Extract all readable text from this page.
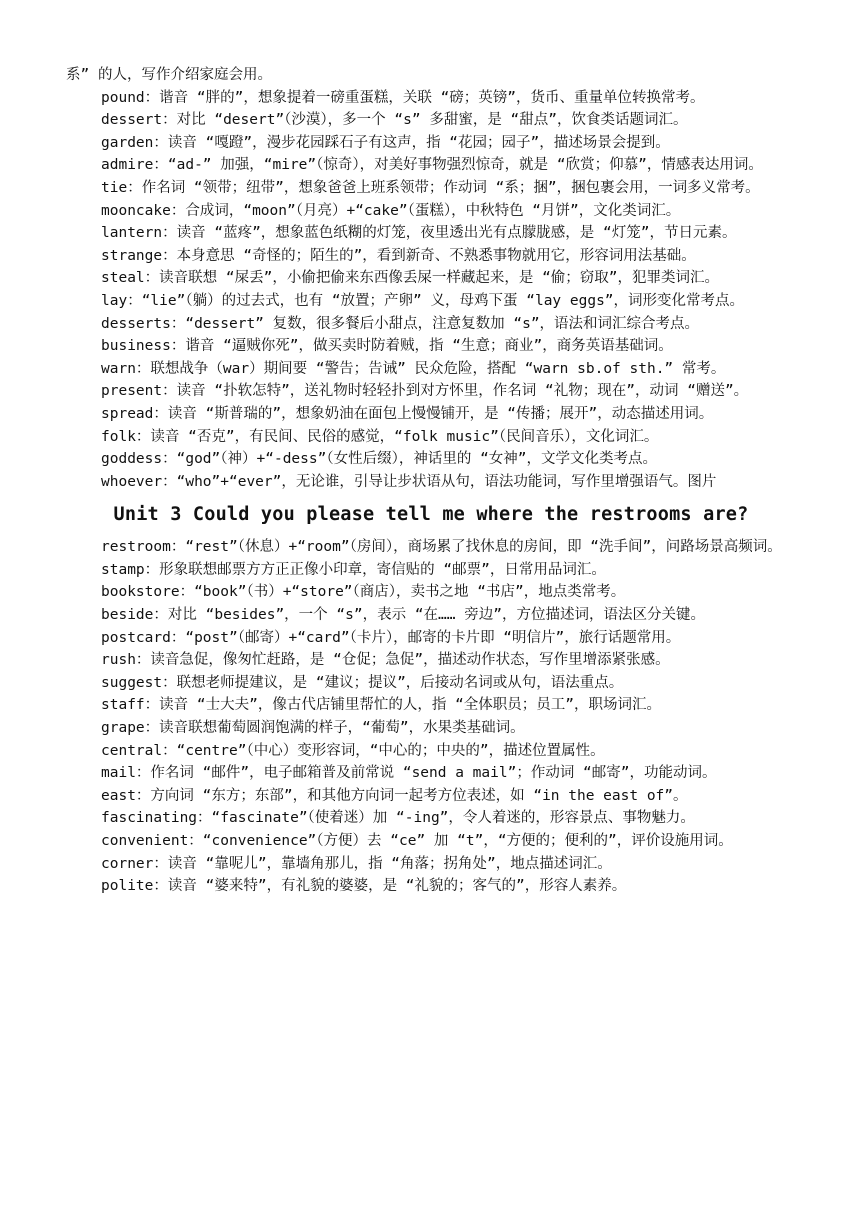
系” 的人，写作介绍家庭会用。

pound：谐音 “胖的”，想象提着一磅重蛋糕，关联 “磅；英镑”，货币、重量单位转换常考。

dessert：对比 “desert”（沙漠），多一个 “s” 多甜蜜，是 “甜点”，饮食类话题词汇。

garden：读音 “嘎蹬”，漫步花园踩石子有这声，指 “花园；园子”，描述场景会提到。

admire：“ad-” 加强，“mire”（惊奇），对美好事物强烈惊奇，就是 “欣赏；仰慕”，情感表达用词。

tie：作名词 “领带；纽带”，想象爸爸上班系领带；作动词 “系；捆”，捆包裹会用，一词多义常考。

mooncake：合成词，“moon”（月亮）+“cake”（蛋糕），中秋特色 “月饼”，文化类词汇。

lantern：读音 “蓝疼”，想象蓝色纸糊的灯笼，夜里透出光有点朦胧感，是 “灯笼”，节日元素。

strange：本身意思 “奇怪的；陌生的”，看到新奇、不熟悉事物就用它，形容词用法基础。

steal：读音联想 “屎丢”，小偷把偷来东西像丢屎一样藏起来，是 “偷；窃取”，犯罪类词汇。

lay：“lie”（躺）的过去式，也有 “放置；产卵” 义，母鸡下蛋 “lay eggs”，词形变化常考点。

desserts：“dessert” 复数，很多餐后小甜点，注意复数加 “s”，语法和词汇综合考点。

business：谐音 “逼贼你死”，做买卖时防着贼，指 “生意；商业”，商务英语基础词。

warn：联想战争（war）期间要 “警告；告诫” 民众危险，搭配 “warn sb.of sth.” 常考。

present：读音 “扑软怎特”，送礼物时轻轻扑到对方怀里，作名词 “礼物；现在”，动词 “赠送”。

spread：读音 “斯普瑞的”，想象奶油在面包上慢慢铺开，是 “传播；展开”，动态描述用词。

folk：读音 “否克”，有民间、民俗的感觉，“folk music”（民间音乐），文化词汇。

goddess：“god”（神）+“-dess”（女性后缀），神话里的 “女神”，文学文化类考点。

whoever：“who”+“ever”，无论谁，引导让步状语从句，语法功能词，写作里增强语气。图片

Unit 3 Could you please tell me where the restrooms are?

restroom：“rest”（休息）+“room”（房间），商场累了找休息的房间，即 “洗手间”，问路场景高频词。

stamp：形象联想邮票方方正正像小印章，寄信贴的 “邮票”，日常用品词汇。

bookstore：“book”（书）+“store”（商店），卖书之地 “书店”，地点类常考。

beside：对比 “besides”，一个 “s”，表示 “在…… 旁边”，方位描述词，语法区分关键。

postcard：“post”（邮寄）+“card”（卡片），邮寄的卡片即 “明信片”，旅行话题常用。

rush：读音急促，像匆忙赶路，是 “仓促；急促”，描述动作状态，写作里增添紧张感。

suggest：联想老师提建议，是 “建议；提议”，后接动名词或从句，语法重点。

staff：读音 “士大夫”，像古代店铺里帮忙的人，指 “全体职员；员工”，职场词汇。

grape：读音联想葡萄圆润饱满的样子，“葡萄”，水果类基础词。

central：“centre”（中心）变形容词，“中心的；中央的”，描述位置属性。

mail：作名词 “邮件”，电子邮箱普及前常说 “send a mail”；作动词 “邮寄”，功能动词。

east：方向词 “东方；东部”，和其他方向词一起考方位表述，如 “in the east of”。

fascinating：“fascinate”（使着迷）加 “-ing”，令人着迷的，形容景点、事物魅力。

convenient：“convenience”（方便）去 “ce” 加 “t”，“方便的；便利的”，评价设施用词。

corner：读音 “靠呢儿”，靠墙角那儿，指 “角落；拐角处”，地点描述词汇。

polite：读音 “婆来特”，有礼貌的婆婆，是 “礼貌的；客气的”，形容人素养。
